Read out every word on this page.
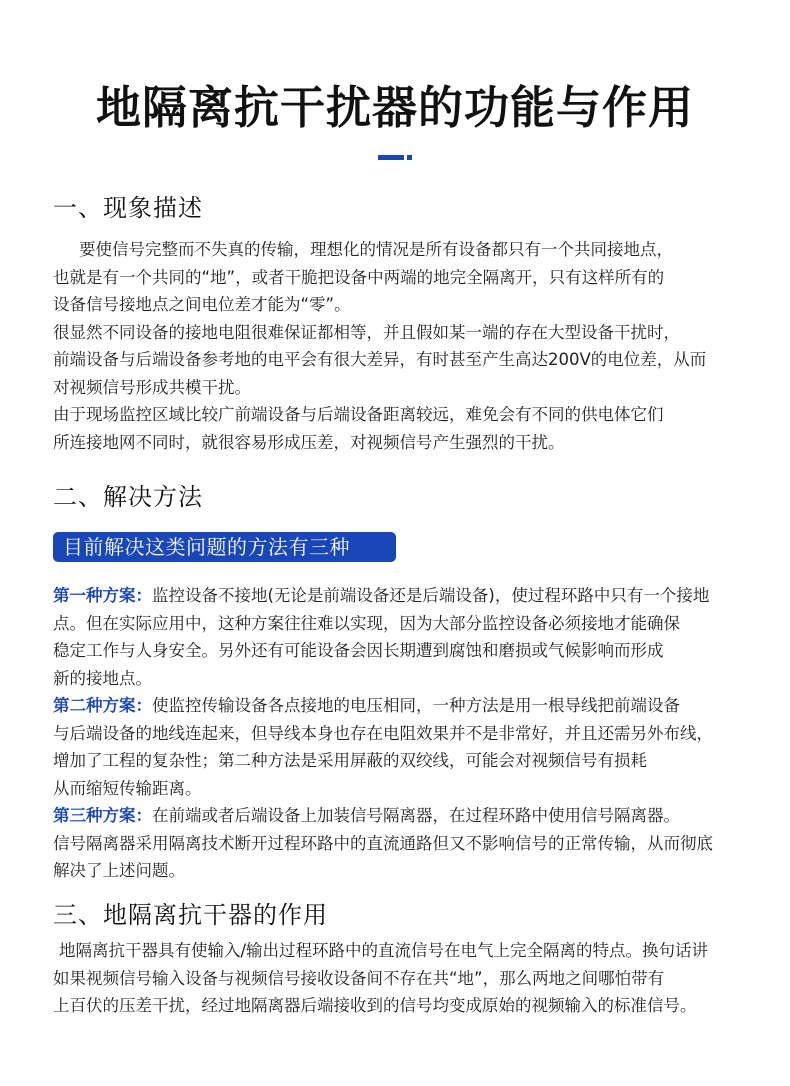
地隔离抗干扰器的功能与作用
一、现象描述
要使信号完整而不失真的传输，理想化的情况是所有设备都只有一个共同接地点，
也就是有一个共同的“地”，或者干脆把设备中两端的地完全隔离开，只有这样所有的
设备信号接地点之间电位差才能为“零”。
很显然不同设备的接地电阻很难保证都相等，并且假如某一端的存在大型设备干扰时，
前端设备与后端设备参考地的电平会有很大差异，有时甚至产生高达200V的电位差，从而
对视频信号形成共模干扰。
由于现场监控区域比较广前端设备与后端设备距离较远，难免会有不同的供电体它们
所连接地网不同时，就很容易形成压差，对视频信号产生强烈的干扰。
二、解决方法
目前解决这类问题的方法有三种
第一种方案：监控设备不接地(无论是前端设备还是后端设备)，使过程环路中只有一个接地
点。但在实际应用中，这种方案往往难以实现，因为大部分监控设备必须接地才能确保
稳定工作与人身安全。另外还有可能设备会因长期遭到腐蚀和磨损或气候影响而形成
新的接地点。
第二种方案：使监控传输设备各点接地的电压相同，一种方法是用一根导线把前端设备
与后端设备的地线连起来，但导线本身也存在电阻效果并不是非常好，并且还需另外布线，
增加了工程的复杂性；第二种方法是采用屏蔽的双绞线，可能会对视频信号有损耗
从而缩短传输距离。
第三种方案：在前端或者后端设备上加装信号隔离器，在过程环路中使用信号隔离器。
信号隔离器采用隔离技术断开过程环路中的直流通路但又不影响信号的正常传输，从而彻底
解决了上述问题。
三、地隔离抗干器的作用
地隔离抗干器具有使输入/输出过程环路中的直流信号在电气上完全隔离的特点。换句话讲
如果视频信号输入设备与视频信号接收设备间不存在共“地”，那么两地之间哪怕带有
上百伏的压差干扰，经过地隔离器后端接收到的信号均变成原始的视频输入的标准信号。
